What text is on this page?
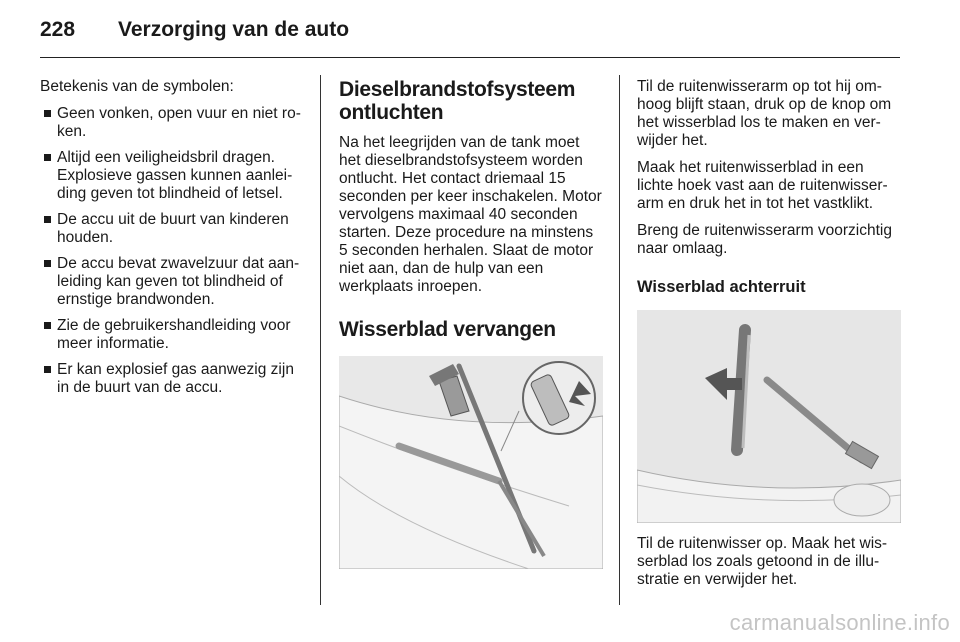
228 Verzorging van de auto

Betekenis van de symbolen:

Geen vonken, open vuur en niet ro-ken.
Altijd een veiligheidsbril dragen. Explosieve gassen kunnen aanlei-ding geven tot blindheid of letsel.
De accu uit de buurt van kinderen houden.
De accu bevat zwavelzuur dat aan-leiding kan geven tot blindheid of ernstige brandwonden.
Zie de gebruikershandleiding voor meer informatie.
Er kan explosief gas aanwezig zijn in de buurt van de accu.
Dieselbrandstofsysteem ontluchten

Na het leegrijden van de tank moet het dieselbrandstofsysteem worden ontlucht. Het contact driemaal 15 seconden per keer inschakelen. Motor vervolgens maximaal 40 seconden starten. Deze procedure na minstens 5 seconden herhalen. Slaat de motor niet aan, dan de hulp van een werkplaats inroepen.

Wisserblad vervangen

Til de ruitenwisserarm op tot hij om-hoog blijft staan, druk op de knop om het wisserblad los te maken en ver-wijder het.

Maak het ruitenwisserblad in een lichte hoek vast aan de ruitenwisser-arm en druk het in tot het vastklikt.

Breng de ruitenwisserarm voorzichtig naar omlaag.

Wisserblad achterruit

Til de ruitenwisser op. Maak het wis-serblad los zoals getoond in de illu-stratie en verwijder het.

carmanualsonline.info
